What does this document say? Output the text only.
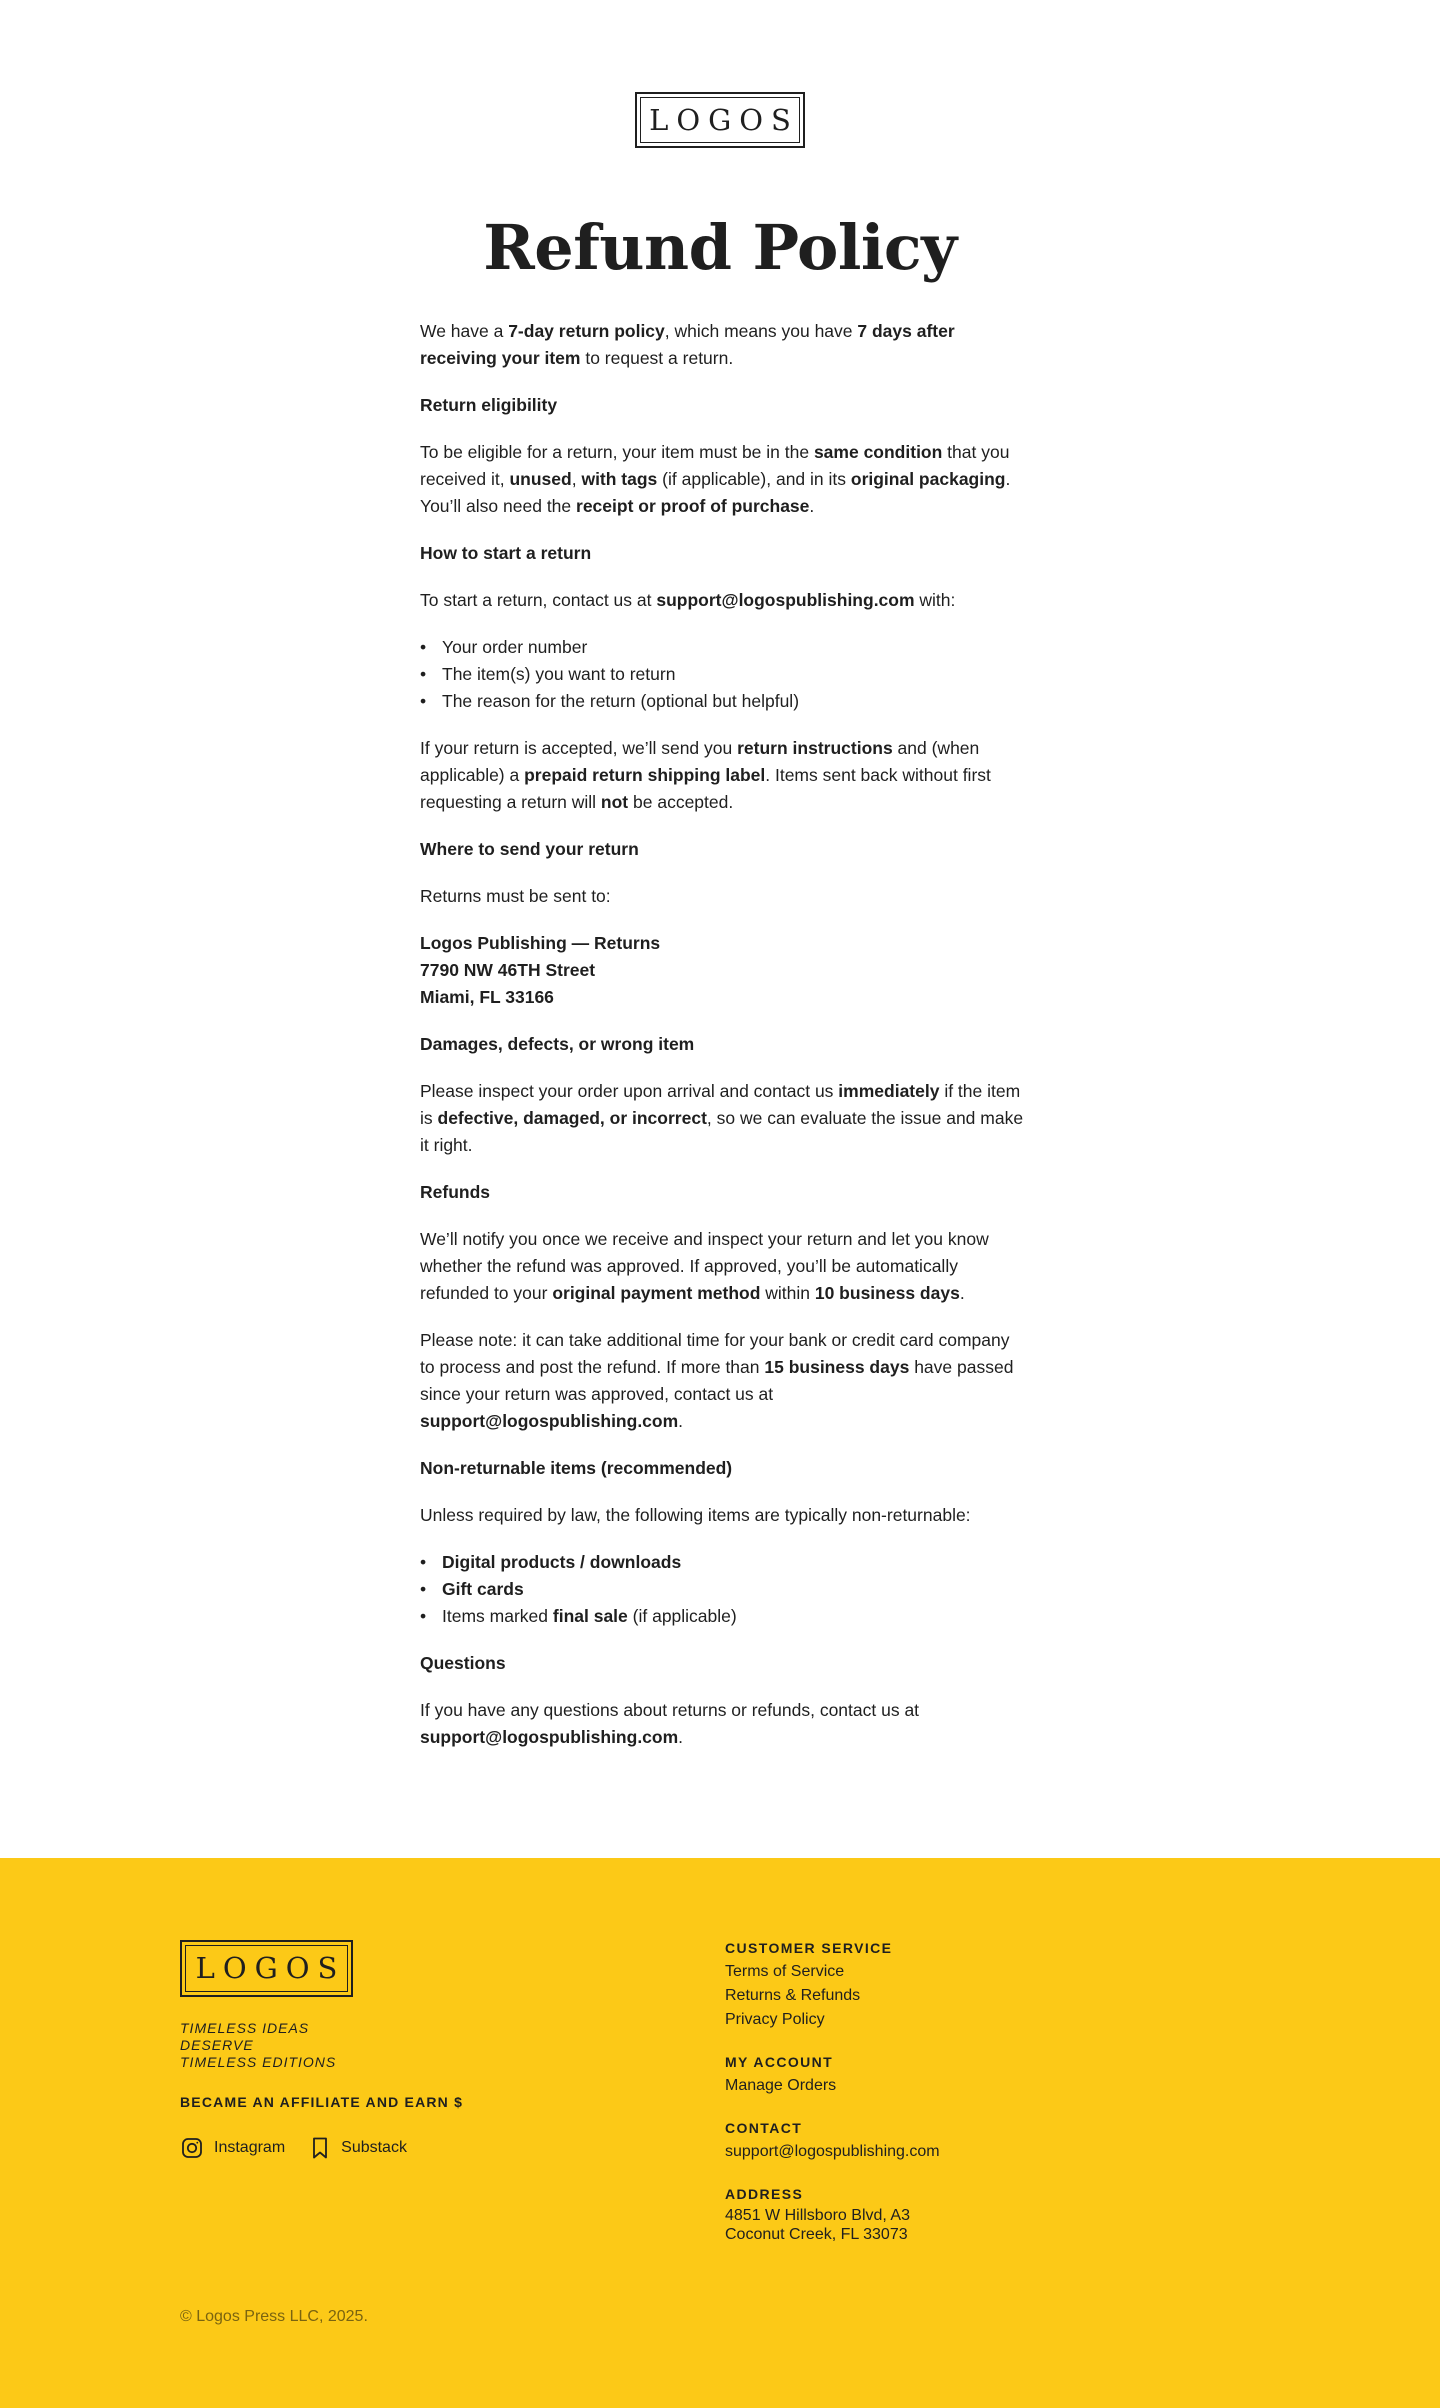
LOGOS
Refund Policy

We have a 7-day return policy, which means you have 7 days after receiving your item to request a return.

Return eligibility

To be eligible for a return, your item must be in the same condition that you received it, unused, with tags (if applicable), and in its original packaging. You’ll also need the receipt or proof of purchase.

How to start a return

To start a return, contact us at support@logospublishing.com with:

• Your order number
• The item(s) you want to return
• The reason for the return (optional but helpful)

If your return is accepted, we’ll send you return instructions and (when applicable) a prepaid return shipping label. Items sent back without first requesting a return will not be accepted.

Where to send your return

Returns must be sent to:

Logos Publishing — Returns
7790 NW 46TH Street
Miami, FL 33166

Damages, defects, or wrong item

Please inspect your order upon arrival and contact us immediately if the item is defective, damaged, or incorrect, so we can evaluate the issue and make it right.

Refunds

We’ll notify you once we receive and inspect your return and let you know whether the refund was approved. If approved, you’ll be automatically refunded to your original payment method within 10 business days.

Please note: it can take additional time for your bank or credit card company to process and post the refund. If more than 15 business days have passed since your return was approved, contact us at support@logospublishing.com.

Non-returnable items (recommended)

Unless required by law, the following items are typically non-returnable:

• Digital products / downloads
• Gift cards
• Items marked final sale (if applicable)
Questions

If you have any questions about returns or refunds, contact us at support@logospublishing.com.

LOGOS
TIMELESS IDEAS
DESERVE
TIMELESS EDITIONS
BECAME AN AFFILIATE AND EARN $
Instagram	Substack
CUSTOMER SERVICE
Terms of Service
Returns & Refunds
Privacy Policy
MY ACCOUNT
Manage Orders
CONTACT
support@logospublishing.com
ADDRESS
4851 W Hillsboro Blvd, A3
Coconut Creek, FL 33073
© Logos Press LLC, 2025.
